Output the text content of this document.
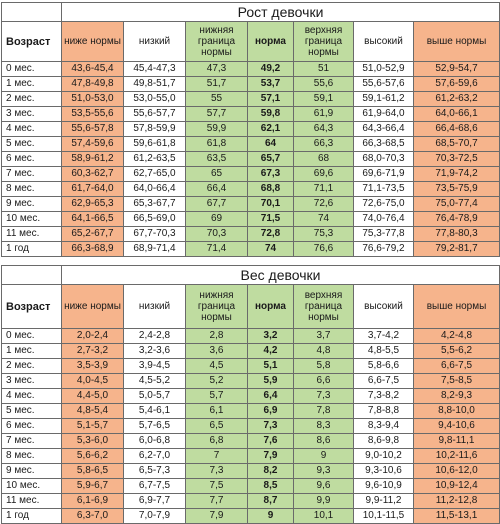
	Рост девочки						
Возраст	ниже нормы	низкий	нижняя граница нормы	норма	верхняя граница нормы	высокий	выше нормы
0 мес.	43,6-45,4	45,4-47,3	47,3	49,2	51	51,0-52,9	52,9-54,7
1 мес.	47,8-49,8	49,8-51,7	51,7	53,7	55,6	55,6-57,6	57,6-59,6
2 мес.	51,0-53,0	53,0-55,0	55	57,1	59,1	59,1-61,2	61,2-63,2
3 мес.	53,5-55,6	55,6-57,7	57,7	59,8	61,9	61,9-64,0	64,0-66,1
4 мес.	55,6-57,8	57,8-59,9	59,9	62,1	64,3	64,3-66,4	66,4-68,6
5 мес.	57,4-59,6	59,6-61,8	61,8	64	66,3	66,3-68,5	68,5-70,7
6 мес.	58,9-61,2	61,2-63,5	63,5	65,7	68	68,0-70,3	70,3-72,5
7 мес.	60,3-62,7	62,7-65,0	65	67,3	69,6	69,6-71,9	71,9-74,2
8 мес.	61,7-64,0	64,0-66,4	66,4	68,8	71,1	71,1-73,5	73,5-75,9
9 мес.	62,9-65,3	65,3-67,7	67,7	70,1	72,6	72,6-75,0	75,0-77,4
10 мес.	64,1-66,5	66,5-69,0	69	71,5	74	74,0-76,4	76,4-78,9
11 мес.	65,2-67,7	67,7-70,3	70,3	72,8	75,3	75,3-77,8	77,8-80,3
1 год	66,3-68,9	68,9-71,4	71,4	74	76,6	76,6-79,2	79,2-81,7
	Вес девочки						
Возраст	ниже нормы	низкий	нижняя граница нормы	норма	верхняя граница нормы	высокий	выше нормы
0 мес.	2,0-2,4	2,4-2,8	2,8	3,2	3,7	3,7-4,2	4,2-4,8
1 мес.	2,7-3,2	3,2-3,6	3,6	4,2	4,8	4,8-5,5	5,5-6,2
2 мес.	3,5-3,9	3,9-4,5	4,5	5,1	5,8	5,8-6,6	6,6-7,5
3 мес.	4,0-4,5	4,5-5,2	5,2	5,9	6,6	6,6-7,5	7,5-8,5
4 мес.	4,4-5,0	5,0-5,7	5,7	6,4	7,3	7,3-8,2	8,2-9,3
5 мес.	4,8-5,4	5,4-6,1	6,1	6,9	7,8	7,8-8,8	8,8-10,0
6 мес.	5,1-5,7	5,7-6,5	6,5	7,3	8,3	8,3-9,4	9,4-10,6
7 мес.	5,3-6,0	6,0-6,8	6,8	7,6	8,6	8,6-9,8	9,8-11,1
8 мес.	5,6-6,2	6,2-7,0	7	7,9	9	9,0-10,2	10,2-11,6
9 мес.	5,8-6,5	6,5-7,3	7,3	8,2	9,3	9,3-10,6	10,6-12,0
10 мес.	5,9-6,7	6,7-7,5	7,5	8,5	9,6	9,6-10,9	10,9-12,4
11 мес.	6,1-6,9	6,9-7,7	7,7	8,7	9,9	9,9-11,2	11,2-12,8
1 год	6,3-7,0	7,0-7,9	7,9	9	10,1	10,1-11,5	11,5-13,1
